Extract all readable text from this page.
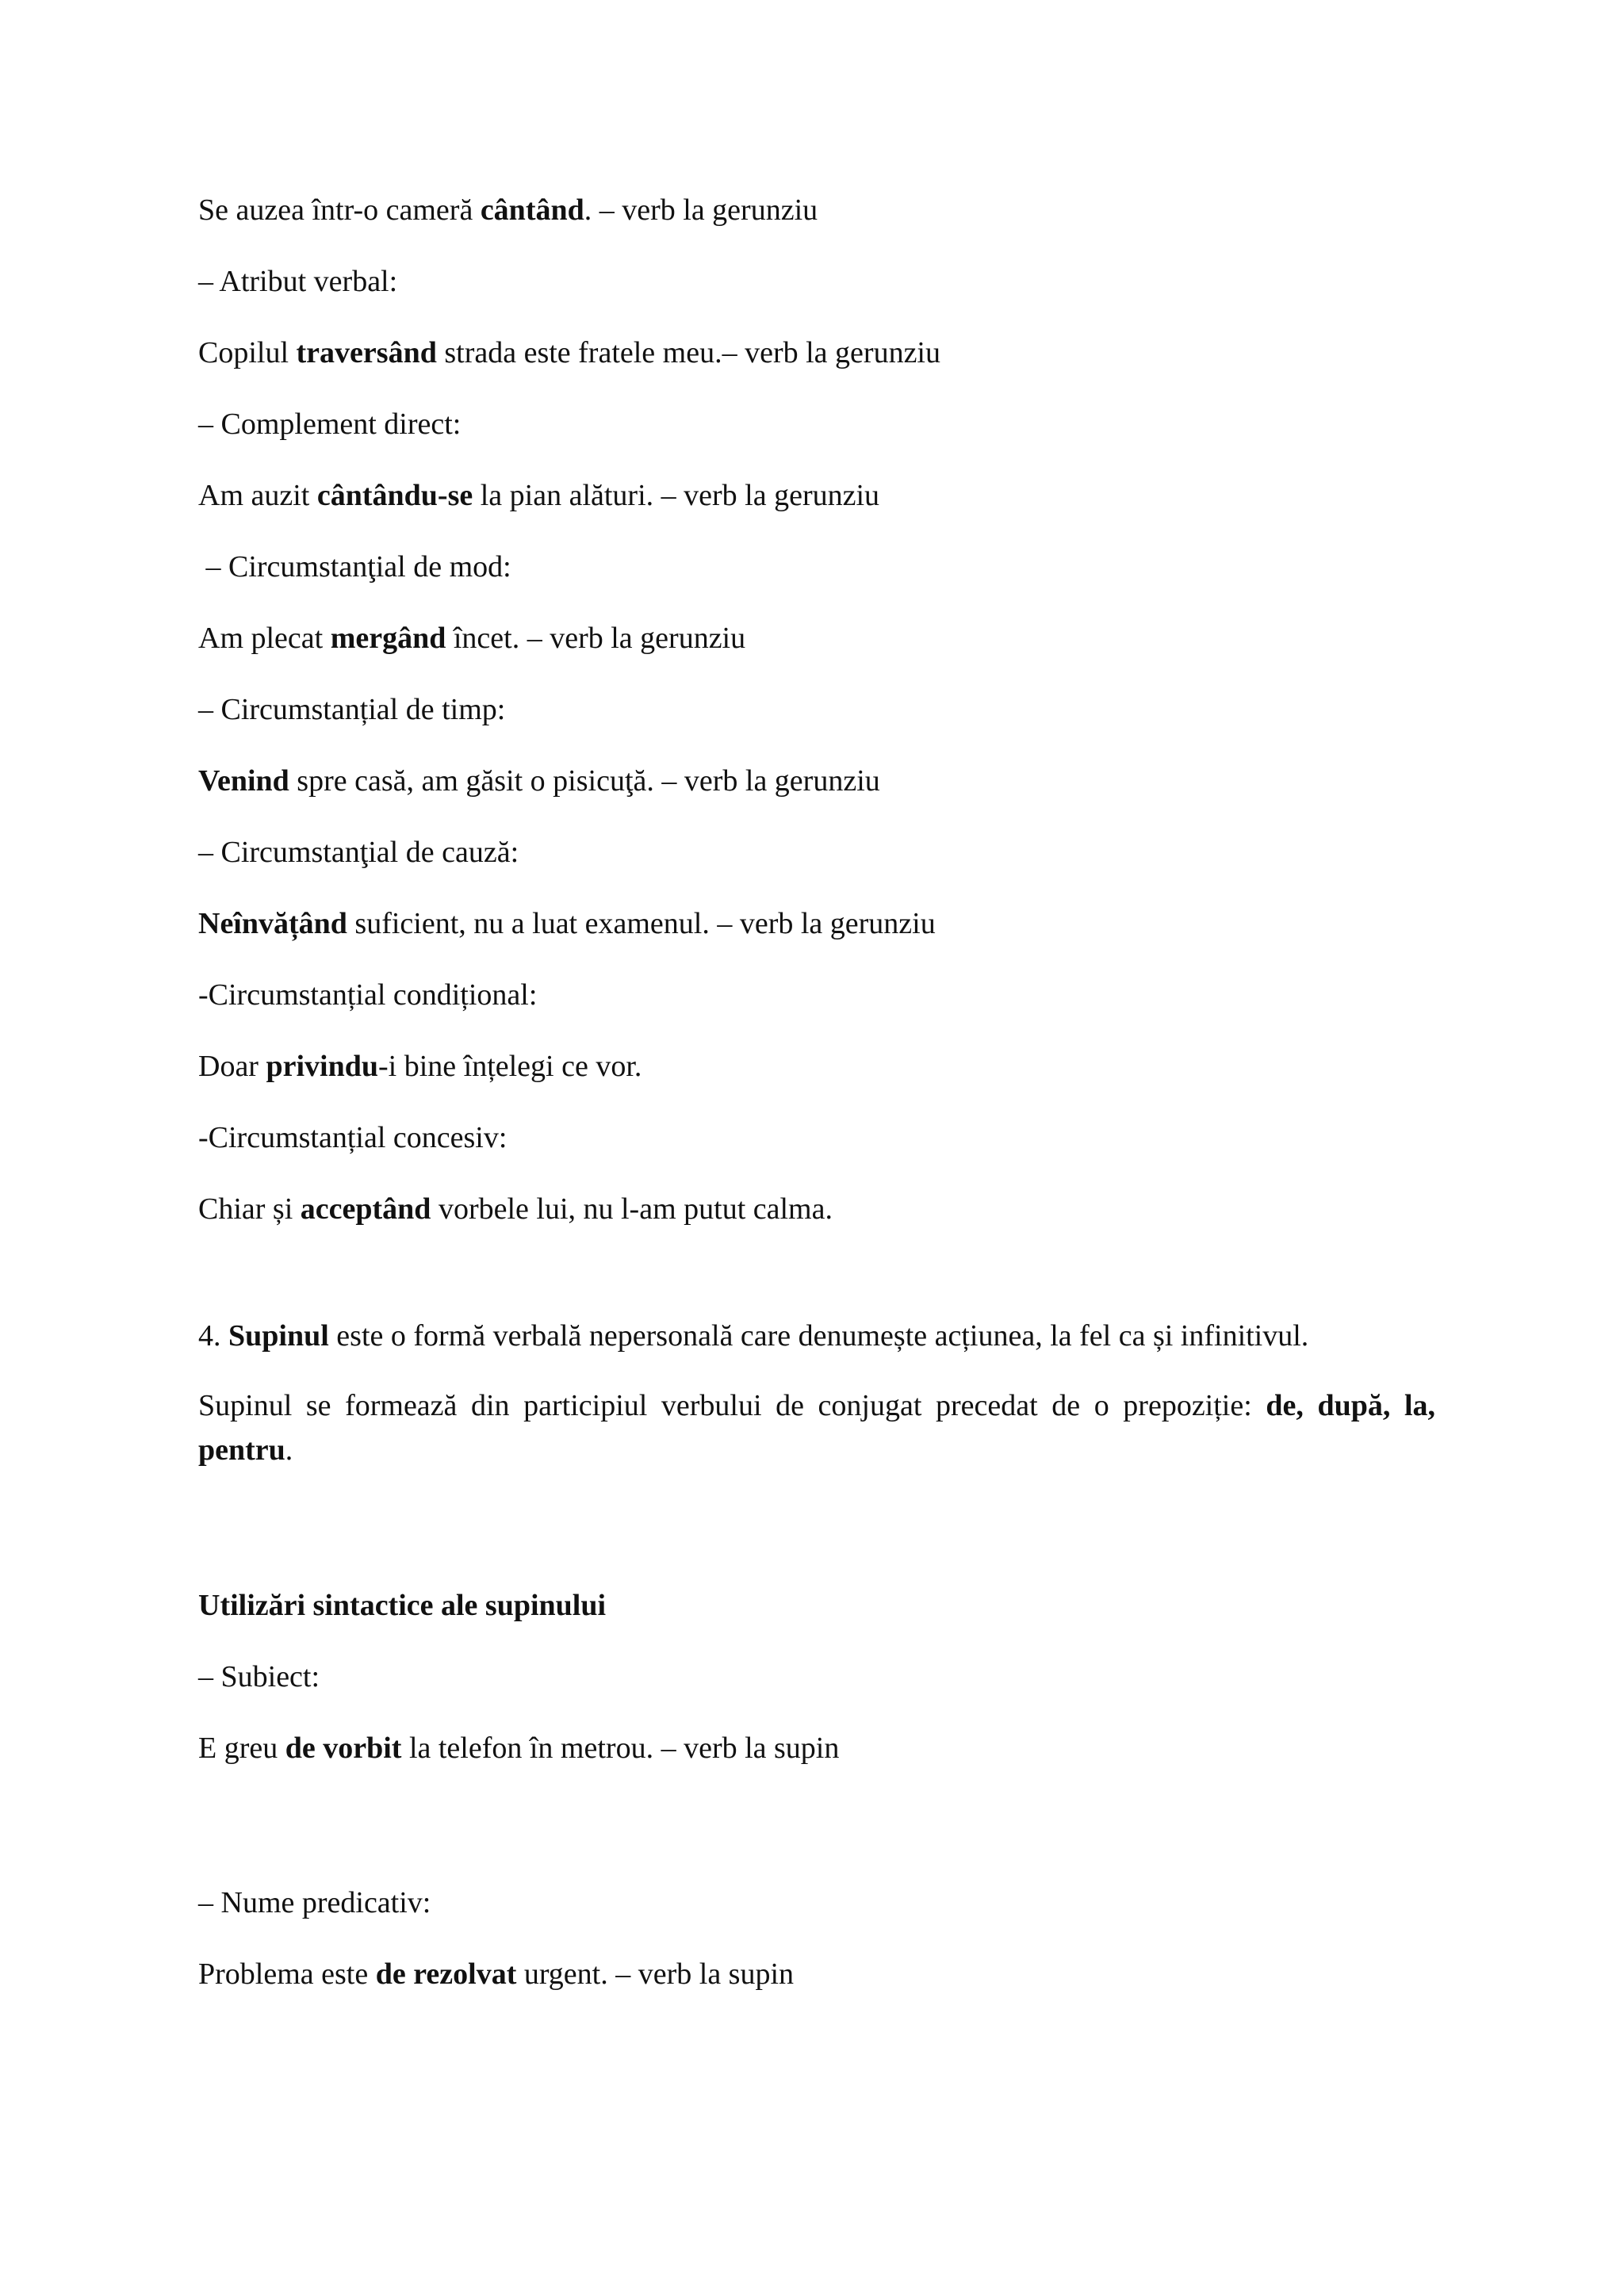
Se auzea într-o cameră cântând. – verb la gerunziu
– Atribut verbal:
Copilul traversând strada este fratele meu.– verb la gerunziu
– Complement direct:
Am auzit cântându-se la pian alături. – verb la gerunziu
– Circumstanţial de mod:
Am plecat mergând încet. – verb la gerunziu
– Circumstanțial de timp:
Venind spre casă, am găsit o pisicuţă. – verb la gerunziu
– Circumstanţial de cauză:
Neînvățând suficient, nu a luat examenul. – verb la gerunziu
-Circumstanțial condițional:
Doar privindu-i bine înțelegi ce vor.
-Circumstanțial concesiv:
Chiar și acceptând vorbele lui, nu l-am putut calma.
4. Supinul este o formă verbală nepersonală care denumește acțiunea, la fel ca și infinitivul.
Supinul se formează din participiul verbului de conjugat precedat de o prepoziție: de, după, la, pentru.
Utilizări sintactice ale supinului
– Subiect:
E greu de vorbit la telefon în metrou. – verb la supin
– Nume predicativ:
Problema este de rezolvat urgent. – verb la supin
